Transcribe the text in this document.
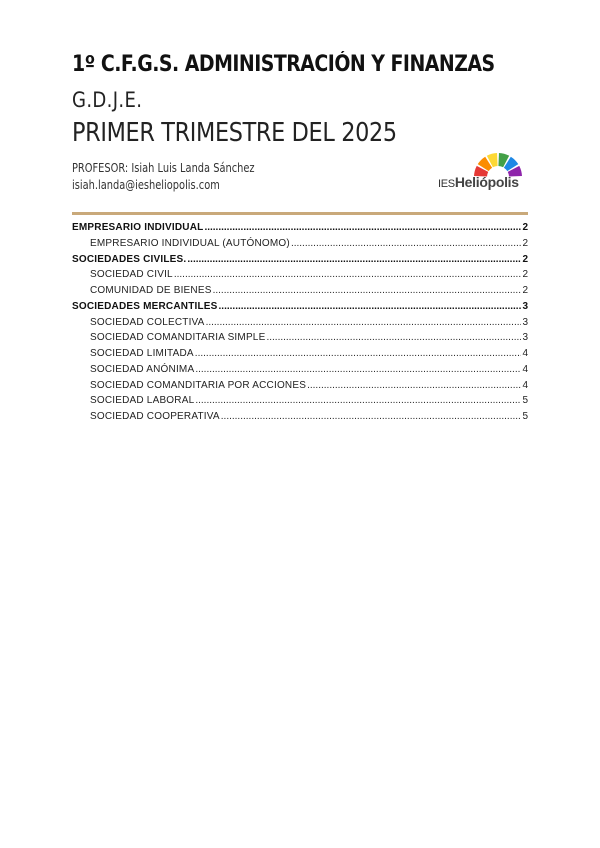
1º C.F.G.S. ADMINISTRACIÓN Y FINANZAS
G.D.J.E.
PRIMER TRIMESTRE DEL 2025
PROFESOR: Isiah Luis Landa Sánchez
isiah.landa@iesheliopolis.com	IESHeliópolis
EMPRESARIO INDIVIDUAL .....	2
EMPRESARIO INDIVIDUAL (AUTÓNOMO) .....	2
SOCIEDADES CIVILES. .....	2
SOCIEDAD CIVIL .....	2
COMUNIDAD DE BIENES .....	2
SOCIEDADES MERCANTILES .....	3
SOCIEDAD COLECTIVA .....	3
SOCIEDAD COMANDITARIA SIMPLE .....	3
SOCIEDAD LIMITADA .....	4
SOCIEDAD ANÓNIMA .....	4
SOCIEDAD COMANDITARIA POR ACCIONES .....	4
SOCIEDAD LABORAL .....	5
SOCIEDAD COOPERATIVA .....	5
